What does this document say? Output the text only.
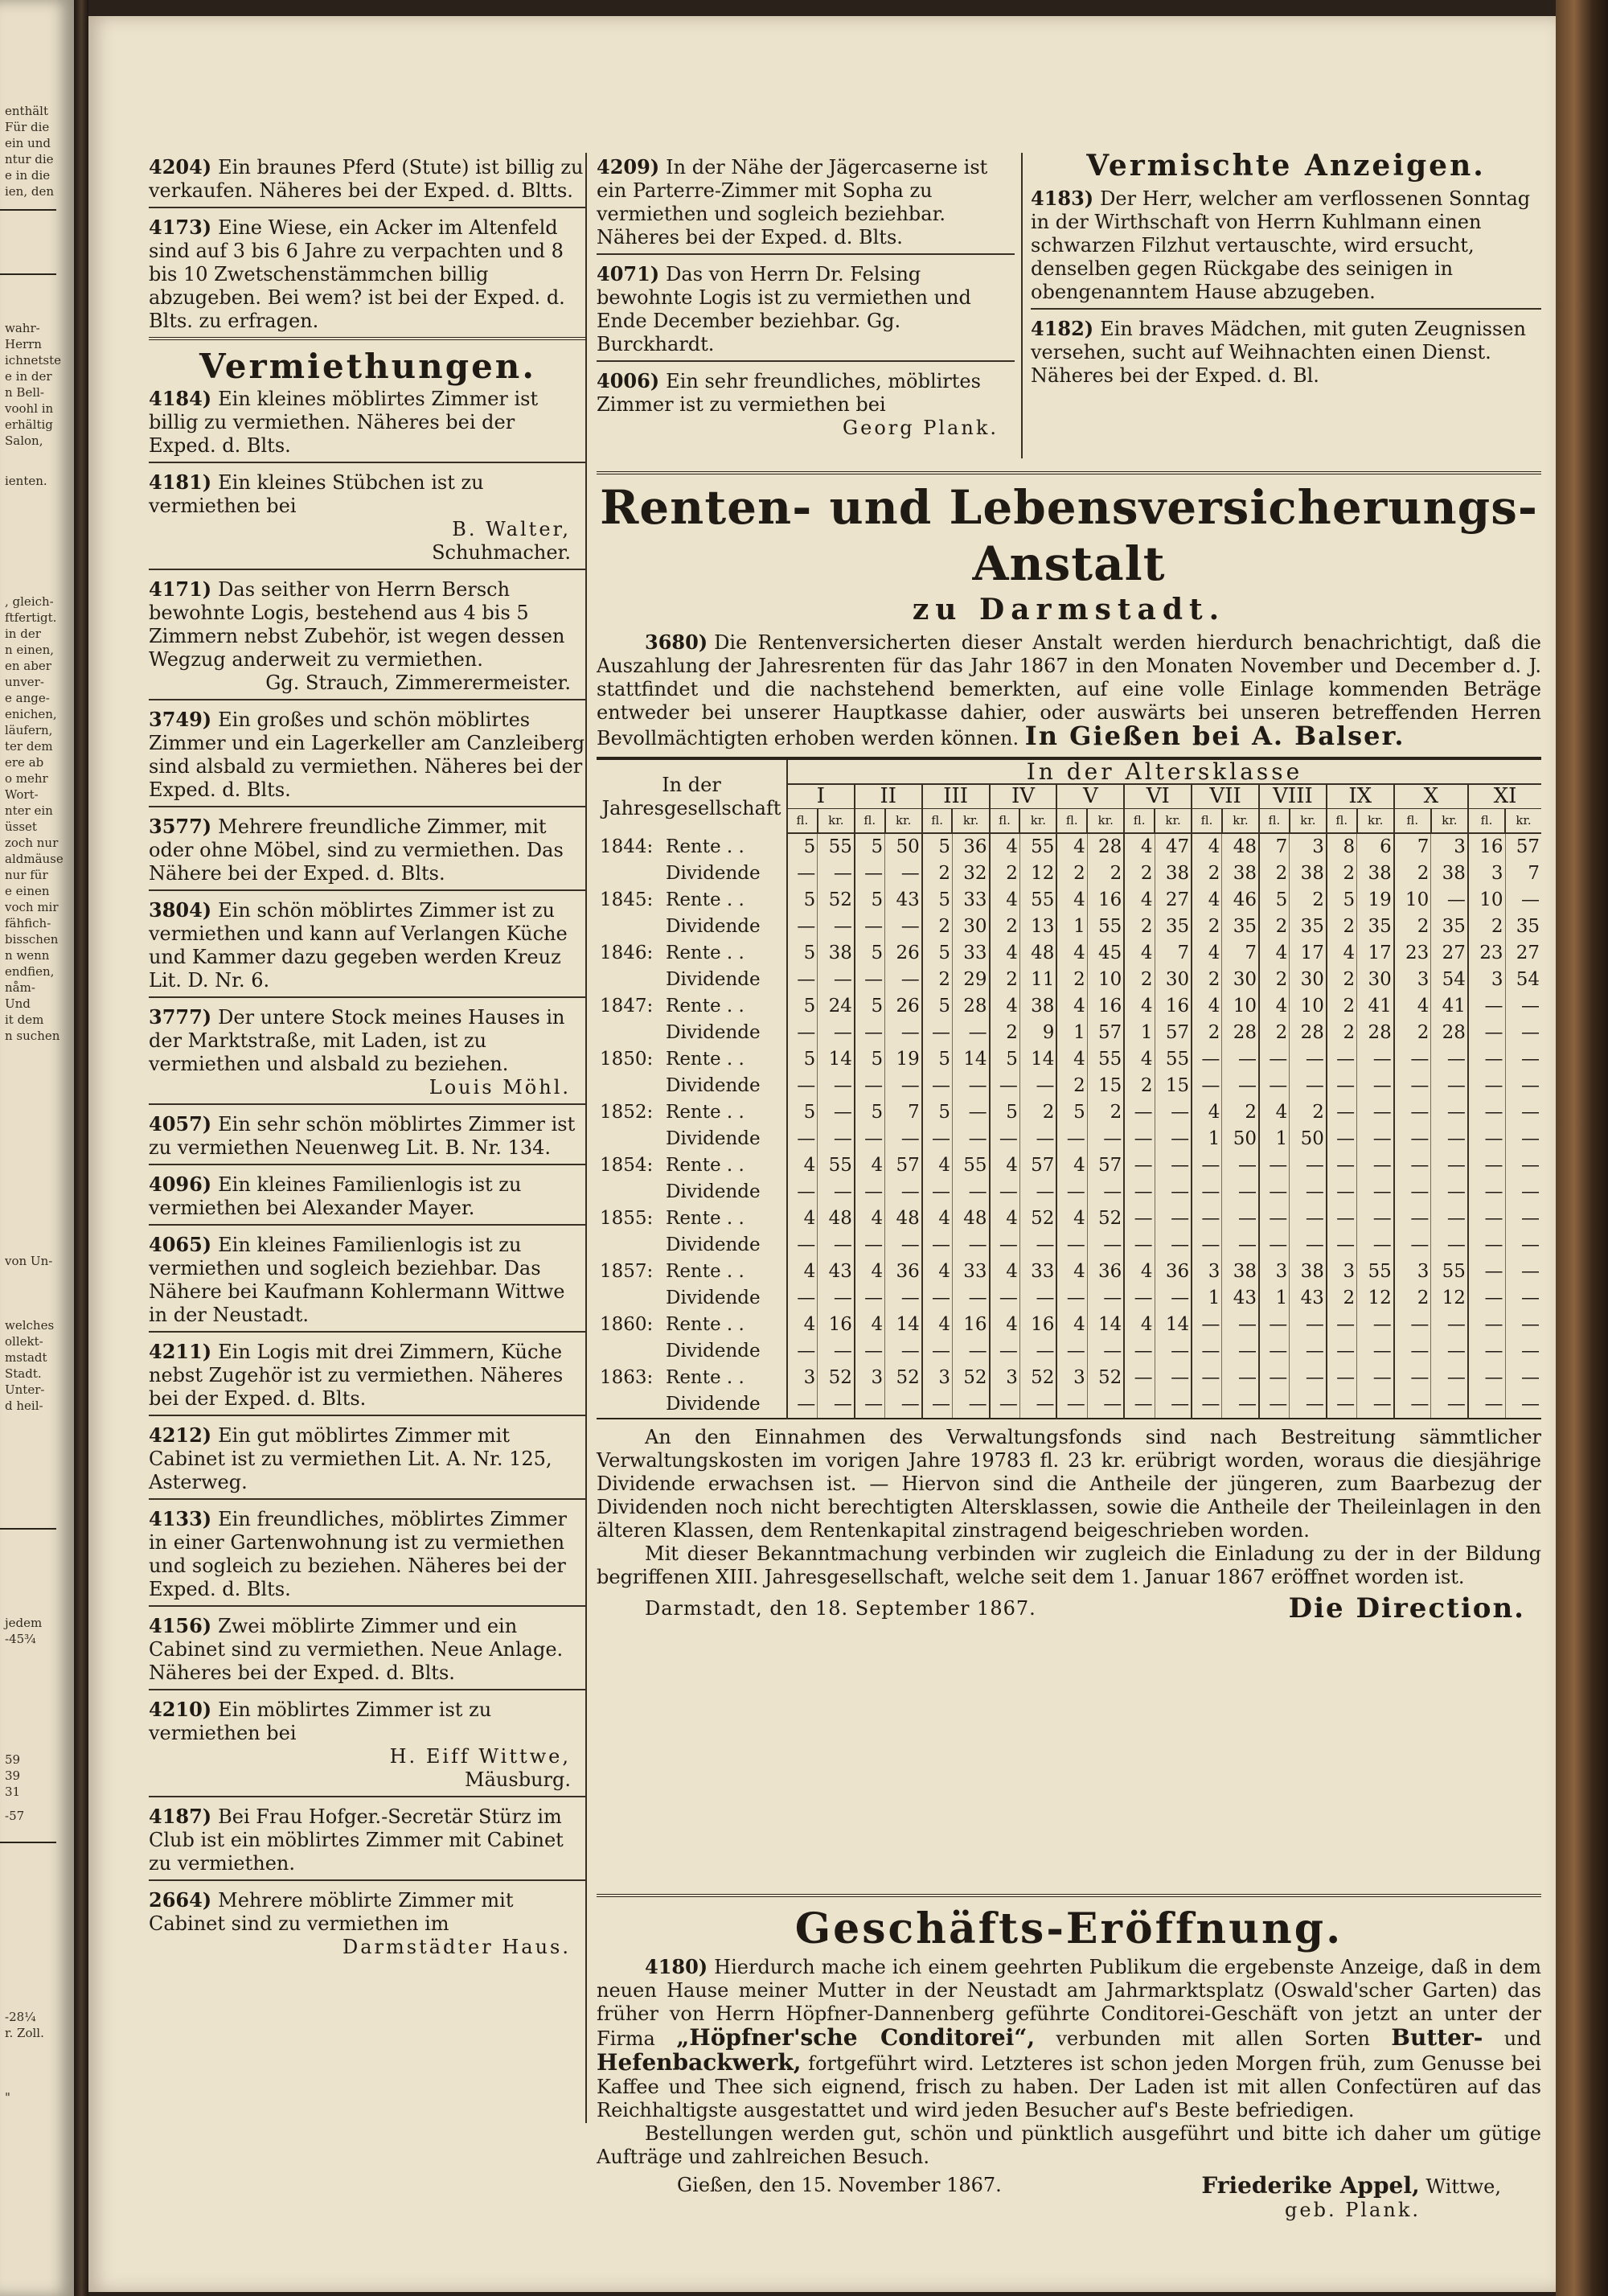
enthält
Für die
ein und
ntur die
e in die
ien, den
wahr-
Herrn
ichnetste
e in der
n Bell-
voohl in
erhältig
Salon,
ienten.
, gleich-
ftfertigt.
in der
n einen,
en aber
unver-
e ange-
enichen,
läufern,
ter dem
ere ab
o mehr
Wort-
nter ein
üsset
zoch nur
aldmäuse
nur für
e einen
voch mir
fähfich-
bisschen
n wenn
endfien,
nåm-
Und
it dem
n suchen
von Un-
welches
ollekt-
mstadt
Stadt.
Unter-
d heil-
jedem
-45¾
59
39
31
-57
-28¼
r. Zoll.
"
4204) Ein braunes Pferd (Stute) ist billig zu verkaufen. Näheres bei der Exped. d. Bltts.
4173) Eine Wiese, ein Acker im Altenfeld sind auf 3 bis 6 Jahre zu verpachten und 8 bis 10 Zwetschenstämmchen billig abzugeben. Bei wem? ist bei der Exped. d. Blts. zu erfragen.
Vermiethungen.
4184) Ein kleines möblirtes Zimmer ist billig zu vermiethen. Näheres bei der Exped. d. Blts.
4181) Ein kleines Stübchen ist zu vermiethen bei
B. Walter,
Schuhmacher.
4171) Das seither von Herrn Bersch bewohnte Logis, bestehend aus 4 bis 5 Zimmern nebst Zubehör, ist wegen dessen Wegzug anderweit zu vermiethen.
Gg. Strauch, Zimmerermeister.
3749) Ein großes und schön möblirtes Zimmer und ein Lagerkeller am Canzleiberg sind alsbald zu vermiethen. Näheres bei der Exped. d. Blts.
3577) Mehrere freundliche Zimmer, mit oder ohne Möbel, sind zu vermiethen. Das Nähere bei der Exped. d. Blts.
3804) Ein schön möblirtes Zimmer ist zu vermiethen und kann auf Verlangen Küche und Kammer dazu gegeben werden Kreuz Lit. D. Nr. 6.
3777) Der untere Stock meines Hauses in der Marktstraße, mit Laden, ist zu vermiethen und alsbald zu beziehen.
Louis Möhl.
4057) Ein sehr schön möblirtes Zimmer ist zu vermiethen Neuenweg Lit. B. Nr. 134.
4096) Ein kleines Familienlogis ist zu vermiethen bei Alexander Mayer.
4065) Ein kleines Familienlogis ist zu vermiethen und sogleich beziehbar. Das Nähere bei Kaufmann Kohlermann Wittwe in der Neustadt.
4211) Ein Logis mit drei Zimmern, Küche nebst Zugehör ist zu vermiethen. Näheres bei der Exped. d. Blts.
4212) Ein gut möblirtes Zimmer mit Cabinet ist zu vermiethen Lit. A. Nr. 125, Asterweg.
4133) Ein freundliches, möblirtes Zimmer in einer Gartenwohnung ist zu vermiethen und sogleich zu beziehen. Näheres bei der Exped. d. Blts.
4156) Zwei möblirte Zimmer und ein Cabinet sind zu vermiethen. Neue Anlage. Näheres bei der Exped. d. Blts.
4210) Ein möblirtes Zimmer ist zu vermiethen bei
H. Eiff Wittwe,
Mäusburg.
4187) Bei Frau Hofger.-Secretär Stürz im Club ist ein möblirtes Zimmer mit Cabinet zu vermiethen.
2664) Mehrere möblirte Zimmer mit Cabinet sind zu vermiethen im
Darmstädter Haus.
4209) In der Nähe der Jägercaserne ist ein Parterre-Zimmer mit Sopha zu vermiethen und sogleich beziehbar. Näheres bei der Exped. d. Blts.
4071) Das von Herrn Dr. Felsing bewohnte Logis ist zu vermiethen und Ende December beziehbar. Gg. Burckhardt.
4006) Ein sehr freundliches, möblirtes Zimmer ist zu vermiethen bei
Georg Plank.
Vermischte Anzeigen.
4183) Der Herr, welcher am verflossenen Sonntag in der Wirthschaft von Herrn Kuhlmann einen schwarzen Filzhut vertauschte, wird ersucht, denselben gegen Rückgabe des seinigen in obengenanntem Hause abzugeben.
4182) Ein braves Mädchen, mit guten Zeugnissen versehen, sucht auf Weihnachten einen Dienst. Näheres bei der Exped. d. Bl.
Renten- und Lebensversicherungs-Anstalt
zu Darmstadt.
3680) Die Rentenversicherten dieser Anstalt werden hierdurch benachrichtigt, daß die Auszahlung der Jahresrenten für das Jahr 1867 in den Monaten November und December d. J. stattfindet und die nachstehend bemerkten, auf eine volle Einlage kommenden Beträge entweder bei unserer Hauptkasse dahier, oder auswärts bei unseren betreffenden Herren Bevollmächtigten erhoben werden können. In Gießen bei A. Balser.
In der Jahresgesellschaft	In der Altersklasse																					
	I		II		III		IV		V		VI		VII		VIII		IX		X		XI	
	fl.	kr.	fl.	kr.	fl.	kr.	fl.	kr.	fl.	kr.	fl.	kr.	fl.	kr.	fl.	kr.	fl.	kr.	fl.	kr.	fl.	kr.
1844: Rente . .	5	55	5	50	5	36	4	55	4	28	4	47	4	48	7	3	8	6	7	3	16	57
Dividende	—	—	—	—	2	32	2	12	2	2	2	38	2	38	2	38	2	38	2	38	3	7
1845: Rente . .	5	52	5	43	5	33	4	55	4	16	4	27	4	46	5	2	5	19	10	—	10	—
Dividende	—	—	—	—	2	30	2	13	1	55	2	35	2	35	2	35	2	35	2	35	2	35
1846: Rente . .	5	38	5	26	5	33	4	48	4	45	4	7	4	7	4	17	4	17	23	27	23	27
Dividende	—	—	—	—	2	29	2	11	2	10	2	30	2	30	2	30	2	30	3	54	3	54
1847: Rente . .	5	24	5	26	5	28	4	38	4	16	4	16	4	10	4	10	2	41	4	41	—	—
Dividende	—	—	—	—	—	—	2	9	1	57	1	57	2	28	2	28	2	28	2	28	—	—
1850: Rente . .	5	14	5	19	5	14	5	14	4	55	4	55	—	—	—	—	—	—	—	—	—	—
Dividende	—	—	—	—	—	—	—	—	2	15	2	15	—	—	—	—	—	—	—	—	—	—
1852: Rente . .	5	—	5	7	5	—	5	2	5	2	—	—	4	2	4	2	—	—	—	—	—	—
Dividende	—	—	—	—	—	—	—	—	—	—	—	—	1	50	1	50	—	—	—	—	—	—
1854: Rente . .	4	55	4	57	4	55	4	57	4	57	—	—	—	—	—	—	—	—	—	—	—	—
Dividende	—	—	—	—	—	—	—	—	—	—	—	—	—	—	—	—	—	—	—	—	—	—
1855: Rente . .	4	48	4	48	4	48	4	52	4	52	—	—	—	—	—	—	—	—	—	—	—	—
Dividende	—	—	—	—	—	—	—	—	—	—	—	—	—	—	—	—	—	—	—	—	—	—
1857: Rente . .	4	43	4	36	4	33	4	33	4	36	4	36	3	38	3	38	3	55	3	55	—	—
Dividende	—	—	—	—	—	—	—	—	—	—	—	—	1	43	1	43	2	12	2	12	—	—
1860: Rente . .	4	16	4	14	4	16	4	16	4	14	4	14	—	—	—	—	—	—	—	—	—	—
Dividende	—	—	—	—	—	—	—	—	—	—	—	—	—	—	—	—	—	—	—	—	—	—
1863: Rente . .	3	52	3	52	3	52	3	52	3	52	—	—	—	—	—	—	—	—	—	—	—	—
Dividende	—	—	—	—	—	—	—	—	—	—	—	—	—	—	—	—	—	—	—	—	—	—
An den Einnahmen des Verwaltungsfonds sind nach Bestreitung sämmtlicher Verwaltungskosten im vorigen Jahre 19783 fl. 23 kr. erübrigt worden, woraus die diesjährige Dividende erwachsen ist. — Hiervon sind die Antheile der jüngeren, zum Baarbezug der Dividenden noch nicht berechtigten Altersklassen, sowie die Antheile der Theileinlagen in den älteren Klassen, dem Rentenkapital zinstragend beigeschrieben worden.
Mit dieser Bekanntmachung verbinden wir zugleich die Einladung zu der in der Bildung begriffenen XIII. Jahresgesellschaft, welche seit dem 1. Januar 1867 eröffnet worden ist.
Darmstadt, den 18. September 1867.	Die Direction.
Geschäfts-Eröffnung.
4180) Hierdurch mache ich einem geehrten Publikum die ergebenste Anzeige, daß in dem neuen Hause meiner Mutter in der Neustadt am Jahrmarktsplatz (Oswald'scher Garten) das früher von Herrn Höpfner-Dannenberg geführte Conditorei-Geschäft von jetzt an unter der Firma „Höpfner'sche Conditorei“, verbunden mit allen Sorten Butter- und Hefenbackwerk, fortgeführt wird. Letzteres ist schon jeden Morgen früh, zum Genusse bei Kaffee und Thee sich eignend, frisch zu haben. Der Laden ist mit allen Confectüren auf das Reichhaltigste ausgestattet und wird jeden Besucher auf's Beste befriedigen.
Bestellungen werden gut, schön und pünktlich ausgeführt und bitte ich daher um gütige Aufträge und zahlreichen Besuch.
Gießen, den 15. November 1867.	Friederike Appel, Wittwe,
geb. Plank.
